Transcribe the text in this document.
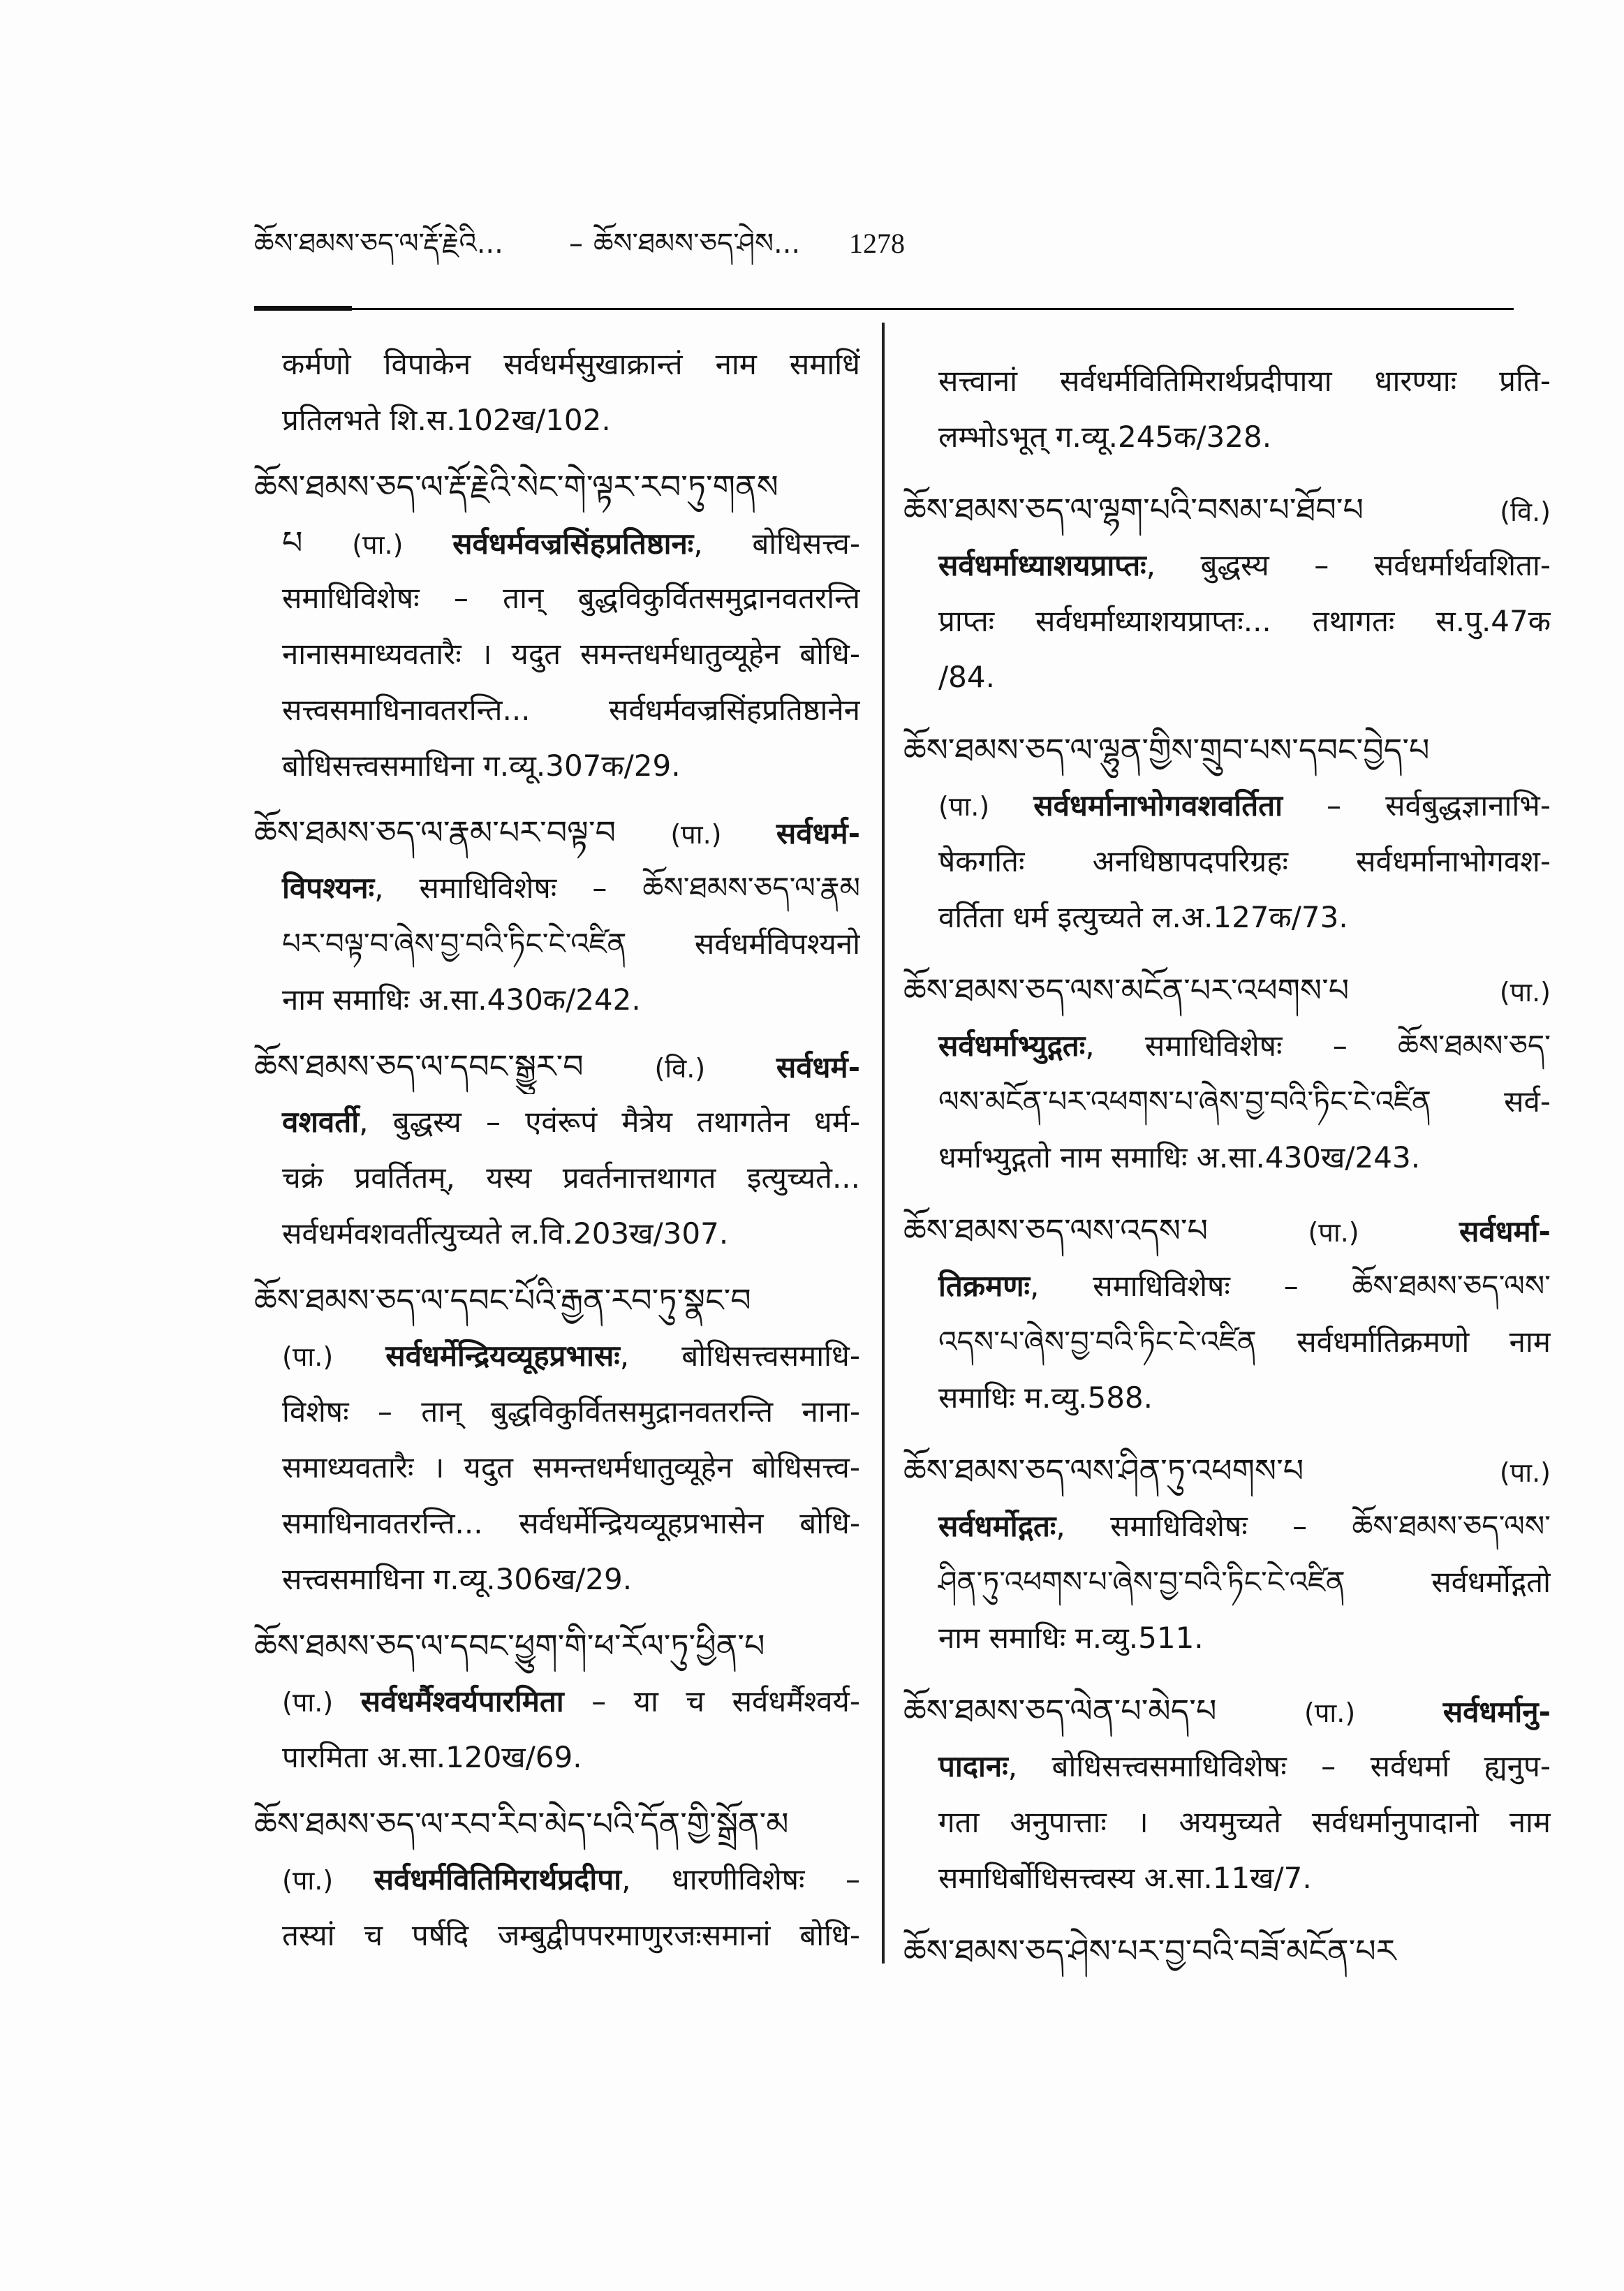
ཆོས་ཐམས་ཅད་ལ་རྡོ་རྗེའི...	– ཆོས་ཐམས་ཅད་ཤེས...	1278
कर्मणो विपाकेन सर्वधर्मसुखाक्रान्तं नाम समाधिं
प्रतिलभते शि.स.102ख/102.
ཆོས་ཐམས་ཅད་ལ་རྡོ་རྗེའི་སེང་གེ་ལྟར་རབ་ཏུ་གནས
པ (पा.) सर्वधर्मवज्रसिंहप्रतिष्ठानः, बोधिसत्त्व-
समाधिविशेषः – तान् बुद्धविकुर्वितसमुद्रानवतरन्ति
नानासमाध्यवतारैः । यदुत समन्तधर्मधातुव्यूहेन बोधि-
सत्त्वसमाधिनावतरन्ति... सर्वधर्मवज्रसिंहप्रतिष्ठानेन
बोधिसत्त्वसमाधिना ग.व्यू.307क/29.
ཆོས་ཐམས་ཅད་ལ་རྣམ་པར་བལྟ་བ (पा.) सर्वधर्म-
विपश्यनः, समाधिविशेषः – ཆོས་ཐམས་ཅད་ལ་རྣམ
པར་བལྟ་བ་ཞེས་བྱ་བའི་ཏིང་ངེ་འཛིན सर्वधर्मविपश्यनो
नाम समाधिः अ.सा.430क/242.
ཆོས་ཐམས་ཅད་ལ་དབང་སྒྱུར་བ	(वि.) सर्वधर्म-
वशवर्ती, बुद्धस्य – एवंरूपं मैत्रेय तथागतेन धर्म-
चक्रं प्रवर्तितम्, यस्य प्रवर्तनात्तथागत इत्युच्यते...
सर्वधर्मवशवर्तीत्युच्यते ल.वि.203ख/307.
ཆོས་ཐམས་ཅད་ལ་དབང་པོའི་རྒྱན་རབ་ཏུ་སྣང་བ
(पा.) सर्वधर्मेन्द्रियव्यूहप्रभासः, बोधिसत्त्वसमाधि-
विशेषः – तान् बुद्धविकुर्वितसमुद्रानवतरन्ति नाना-
समाध्यवतारैः । यदुत समन्तधर्मधातुव्यूहेन बोधिसत्त्व-
समाधिनावतरन्ति... सर्वधर्मेन्द्रियव्यूहप्रभासेन बोधि-
सत्त्वसमाधिना ग.व्यू.306ख/29.
ཆོས་ཐམས་ཅད་ལ་དབང་ཕྱུག་གི་ཕ་རོལ་ཏུ་ཕྱིན་པ
(पा.) सर्वधर्मैश्वर्यपारमिता – या च सर्वधर्मैश्वर्य-
पारमिता अ.सा.120ख/69.
ཆོས་ཐམས་ཅད་ལ་རབ་རིབ་མེད་པའི་དོན་གྱི་སྒྲོན་མ
(पा.) सर्वधर्मवितिमिरार्थप्रदीपा, धारणीविशेषः –
तस्यां च पर्षदि जम्बुद्वीपपरमाणुरजःसमानां बोधि-
सत्त्वानां सर्वधर्मवितिमिरार्थप्रदीपाया धारण्याः प्रति-
लम्भोऽभूत् ग.व्यू.245क/328.
ཆོས་ཐམས་ཅད་ལ་ལྷག་པའི་བསམ་པ་ཐོབ་པ	(वि.)
सर्वधर्माध्याशयप्राप्तः, बुद्धस्य – सर्वधर्मार्थवशिता-
प्राप्तः सर्वधर्माध्याशयप्राप्तः... तथागतः स.पु.47क
/84.
ཆོས་ཐམས་ཅད་ལ་ལྷུན་གྱིས་གྲུབ་པས་དབང་བྱེད་པ
(पा.) सर्वधर्मानाभोगवशवर्तिता – सर्वबुद्धज्ञानाभि-
षेकगतिः अनधिष्ठापदपरिग्रहः सर्वधर्मानाभोगवश-
वर्तिता धर्म इत्युच्यते ल.अ.127क/73.
ཆོས་ཐམས་ཅད་ལས་མངོན་པར་འཕགས་པ	(पा.)
सर्वधर्माभ्युद्गतः, समाधिविशेषः – ཆོས་ཐམས་ཅད་
ལས་མངོན་པར་འཕགས་པ་ཞེས་བྱ་བའི་ཏིང་ངེ་འཛིན सर्व-
धर्माभ्युद्गतो नाम समाधिः अ.सा.430ख/243.
ཆོས་ཐམས་ཅད་ལས་འདས་པ	(पा.)	सर्वधर्मा-
तिक्रमणः, समाधिविशेषः – ཆོས་ཐམས་ཅད་ལས་
འདས་པ་ཞེས་བྱ་བའི་ཏིང་ངེ་འཛིན सर्वधर्मातिक्रमणो नाम
समाधिः म.व्यु.588.
ཆོས་ཐམས་ཅད་ལས་ཤིན་ཏུ་འཕགས་པ	(पा.)
सर्वधर्मोद्गतः, समाधिविशेषः – ཆོས་ཐམས་ཅད་ལས་
ཤིན་ཏུ་འཕགས་པ་ཞེས་བྱ་བའི་ཏིང་ངེ་འཛིན सर्वधर्मोद्गतो
नाम समाधिः म.व्यु.511.
ཆོས་ཐམས་ཅད་ལེན་པ་མེད་པ	(पा.)	सर्वधर्मानु-
पादानः, बोधिसत्त्वसमाधिविशेषः – सर्वधर्मा ह्यनुप-
गता अनुपात्ताः । अयमुच्यते सर्वधर्मानुपादानो नाम
समाधिर्बोधिसत्त्वस्य अ.सा.11ख/7.
ཆོས་ཐམས་ཅད་ཤེས་པར་བྱ་བའི་བཟོ་མངོན་པར
